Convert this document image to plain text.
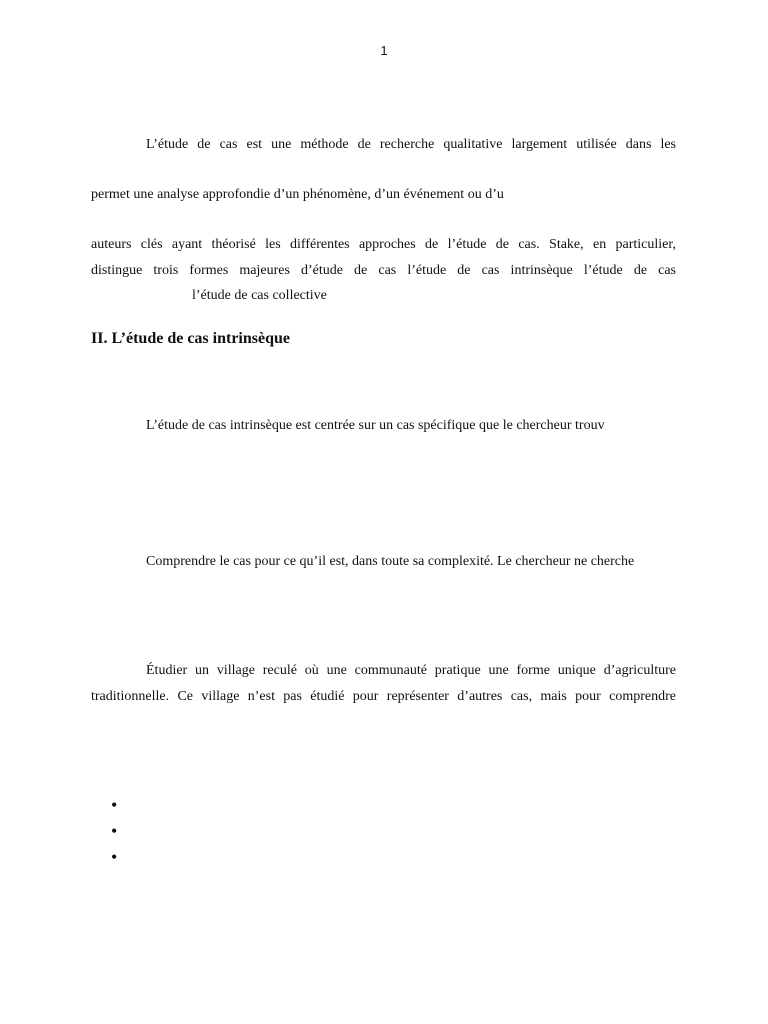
1
L’étude de cas est une méthode de recherche qualitative largement utilisée dans les
permet une analyse approfondie d’un phénomène, d’un événement ou d’u
auteurs clés ayant théorisé les différentes approches de l’étude de cas. Stake, en particulier,
distingue trois formes majeures d’étude de cas l’étude de cas intrinsèque l’étude de cas
l’étude de cas collective
II. L’étude de cas intrinsèque
L’étude de cas intrinsèque est centrée sur un cas spécifique que le chercheur trouv
Comprendre le cas pour ce qu’il est, dans toute sa complexité. Le chercheur ne cherche
Étudier un village reculé où une communauté pratique une forme unique d’agriculture
traditionnelle. Ce village n’est pas étudié pour représenter d’autres cas, mais pour comprendre
•
•
•
